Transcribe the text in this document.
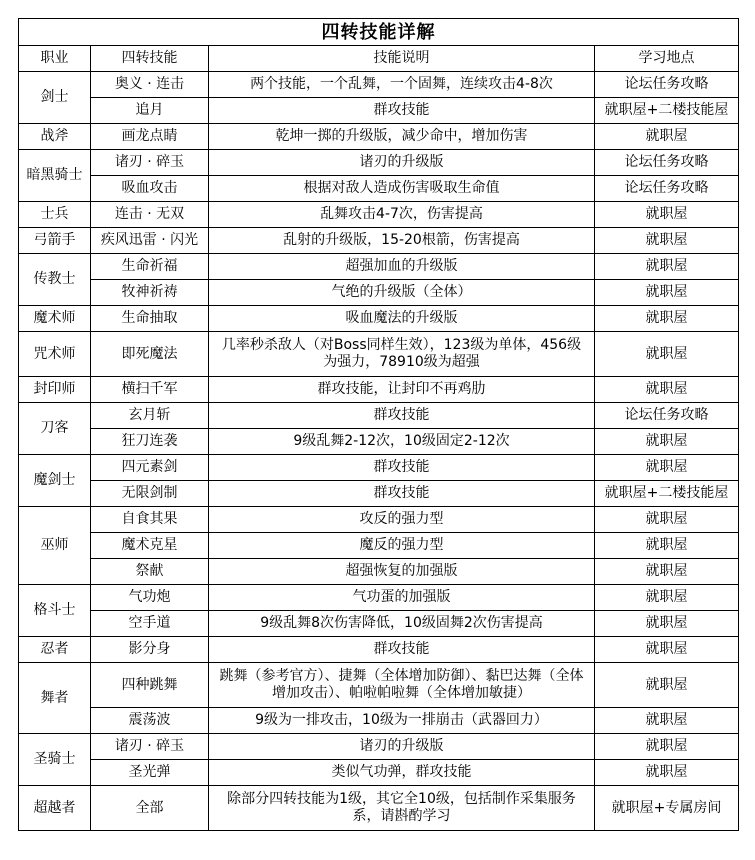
四转技能详解			
职业	四转技能	技能说明	学习地点
剑士	奥义 · 连击	两个技能，一个乱舞，一个固舞，连续攻击4-8次	论坛任务攻略
	追月	群攻技能	就职屋+二楼技能屋
战斧	画龙点睛	乾坤一掷的升级版，减少命中，增加伤害	就职屋
暗黑骑士	诸刃 · 碎玉	诸刃的升级版	论坛任务攻略
	吸血攻击	根据对敌人造成伤害吸取生命值	论坛任务攻略
士兵	连击 · 无双	乱舞攻击4-7次，伤害提高	就职屋
弓箭手	疾风迅雷 · 闪光	乱射的升级版，15-20根箭，伤害提高	就职屋
传教士	生命祈福	超强加血的升级版	就职屋
	牧神祈祷	气绝的升级版（全体）	就职屋
魔术师	生命抽取	吸血魔法的升级版	就职屋
咒术师	即死魔法	几率秒杀敌人（对Boss同样生效），123级为单体，456级为强力，78910级为超强	就职屋
封印师	横扫千军	群攻技能，让封印不再鸡肋	就职屋
刀客	玄月斩	群攻技能	论坛任务攻略
	狂刀连袭	9级乱舞2-12次，10级固定2-12次	就职屋
魔剑士	四元素剑	群攻技能	就职屋
	无限剑制	群攻技能	就职屋+二楼技能屋
巫师	自食其果	攻反的强力型	就职屋
	魔术克星	魔反的强力型	就职屋
	祭献	超强恢复的加强版	就职屋
格斗士	气功炮	气功蛋的加强版	就职屋
	空手道	9级乱舞8次伤害降低，10级固舞2次伤害提高	就职屋
忍者	影分身	群攻技能	就职屋
舞者	四种跳舞	跳舞（参考官方）、捷舞（全体增加防御）、黏巴达舞（全体增加攻击）、帕啦帕啦舞（全体增加敏捷）	就职屋
	震荡波	9级为一排攻击，10级为一排崩击（武器回力）	就职屋
圣骑士	诸刃 · 碎玉	诸刃的升级版	就职屋
	圣光弹	类似气功弹，群攻技能	就职屋
超越者	全部	除部分四转技能为1级，其它全10级，包括制作采集服务系，请斟酌学习	就职屋+专属房间
